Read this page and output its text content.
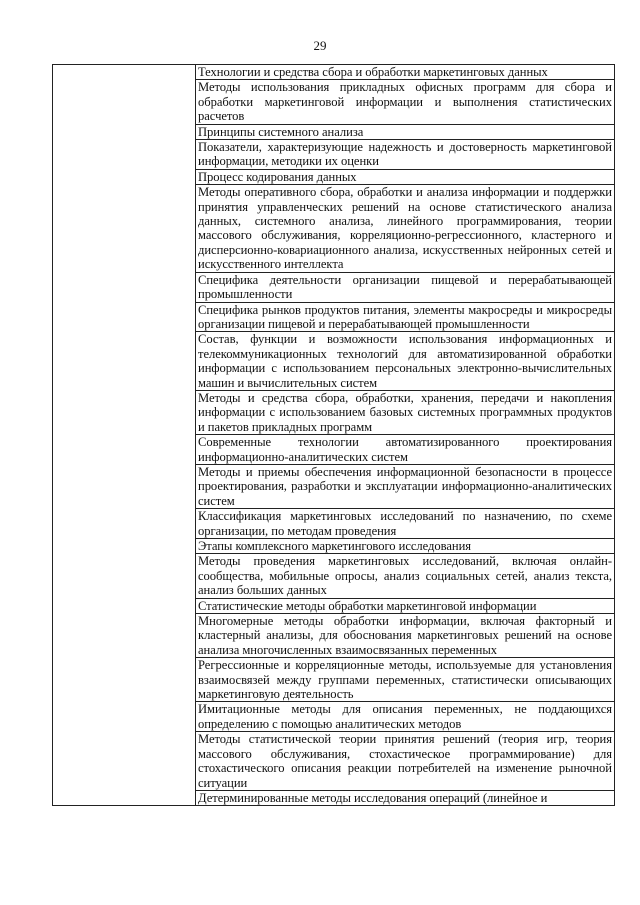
29

Технологии и средства сбора и обработки маркетинговых данных

Методы использования прикладных офисных программ для сбора и обработки маркетинговой информации и выполнения статистических расчетов

Принципы системного анализа

Показатели, характеризующие надежность и достоверность маркетинговой информации, методики их оценки

Процесс кодирования данных

Методы оперативного сбора, обработки и анализа информации и поддержки принятия управленческих решений на основе статистического анализа данных, системного анализа, линейного программирования, теории массового обслуживания, корреляционно-регрессионного, кластерного и дисперсионно-ковариационного анализа, искусственных нейронных сетей и искусственного интеллекта

Специфика деятельности организации пищевой и перерабатывающей промышленности

Специфика рынков продуктов питания, элементы макросреды и микросреды организации пищевой и перерабатывающей промышленности

Состав, функции и возможности использования информационных и телекоммуникационных технологий для автоматизированной обработки информации с использованием персональных электронно-вычислительных машин и вычислительных систем

Методы и средства сбора, обработки, хранения, передачи и накопления информации с использованием базовых системных программных продуктов и пакетов прикладных программ

Современные технологии автоматизированного проектирования информационно-аналитических систем

Методы и приемы обеспечения информационной безопасности в процессе проектирования, разработки и эксплуатации информационно-аналитических систем

Классификация маркетинговых исследований по назначению, по схеме организации, по методам проведения

Этапы комплексного маркетингового исследования

Методы проведения маркетинговых исследований, включая онлайн-сообщества, мобильные опросы, анализ социальных сетей, анализ текста, анализ больших данных

Статистические методы обработки маркетинговой информации

Многомерные методы обработки информации, включая факторный и кластерный анализы, для обоснования маркетинговых решений на основе анализа многочисленных взаимосвязанных переменных

Регрессионные и корреляционные методы, используемые для установления взаимосвязей между группами переменных, статистически описывающих маркетинговую деятельность

Имитационные методы для описания переменных, не поддающихся определению с помощью аналитических методов

Методы статистической теории принятия решений (теория игр, теория массового обслуживания, стохастическое программирование) для стохастического описания реакции потребителей на изменение рыночной ситуации

Детерминированные методы исследования операций (линейное и
